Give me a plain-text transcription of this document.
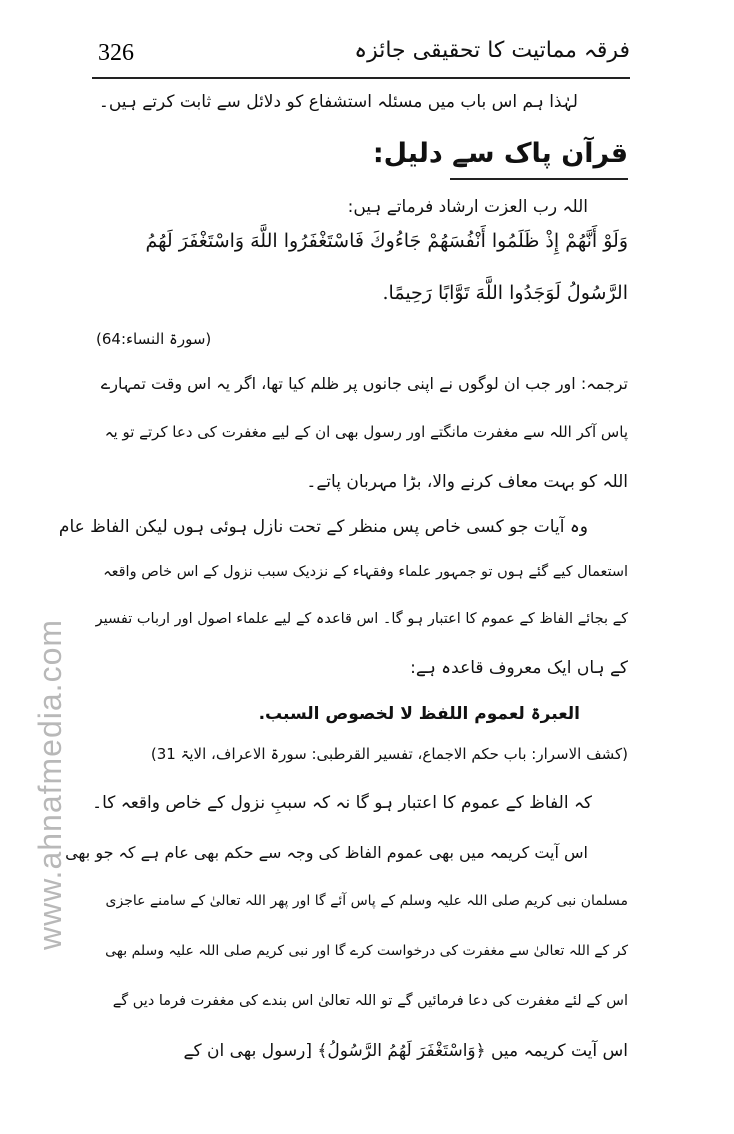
326	فرقہ مماتیت کا تحقیقی جائزہ
www.ahnafmedia.com
لہٰذا ہم اس باب میں مسئلہ استشفاع کو دلائل سے ثابت کرتے ہیں۔
قرآن پاک سے دلیل:
اللہ رب العزت ارشاد فرماتے ہیں:
وَلَوْ أَنَّهُمْ إِذْ ظَلَمُوا أَنْفُسَهُمْ جَاءُوكَ فَاسْتَغْفَرُوا اللَّهَ وَاسْتَغْفَرَ لَهُمُ
الرَّسُولُ لَوَجَدُوا اللَّهَ تَوَّابًا رَحِيمًا.
(سورۃ النساء:64)
ترجمہ: اور جب ان لوگوں نے اپنی جانوں پر ظلم کیا تھا، اگر یہ اس وقت تمہارے
پاس آکر اللہ سے مغفرت مانگتے اور رسول بھی ان کے لیے مغفرت کی دعا کرتے تو یہ
اللہ کو بہت معاف کرنے والا، بڑا مہربان پاتے۔
وہ آیات جو کسی خاص پس منظر کے تحت نازل ہوئی ہوں لیکن الفاظ عام
استعمال کیے گئے ہوں تو جمہور علماء وفقہاء کے نزدیک سبب نزول کے اس خاص واقعہ
کے بجائے الفاظ کے عموم کا اعتبار ہو گا۔ اس قاعدہ کے لیے علماء اصول اور ارباب تفسیر
کے ہاں ایک معروف قاعدہ ہے:
العبرۃ لعموم اللفظ لا لخصوص السبب.
(کشف الاسرار: باب حکم الاجماع، تفسیر القرطبی: سورۃ الاعراف، الایۃ 31)
کہ الفاظ کے عموم کا اعتبار ہو گا نہ کہ سببِ نزول کے خاص واقعہ کا۔
اس آیت کریمہ میں بھی عموم الفاظ کی وجہ سے حکم بھی عام ہے کہ جو بھی
مسلمان نبی کریم صلی اللہ علیہ وسلم کے پاس آئے گا اور پھر اللہ تعالیٰ کے سامنے عاجزی
کر کے اللہ تعالیٰ سے مغفرت کی درخواست کرے گا اور نبی کریم صلی اللہ علیہ وسلم بھی
اس کے لئے مغفرت کی دعا فرمائیں گے تو اللہ تعالیٰ اس بندے کی مغفرت فرما دیں گے
اس آیت کریمہ میں ﴿وَاسْتَغْفَرَ لَهُمُ الرَّسُولُ﴾ [رسول بھی ان کے
